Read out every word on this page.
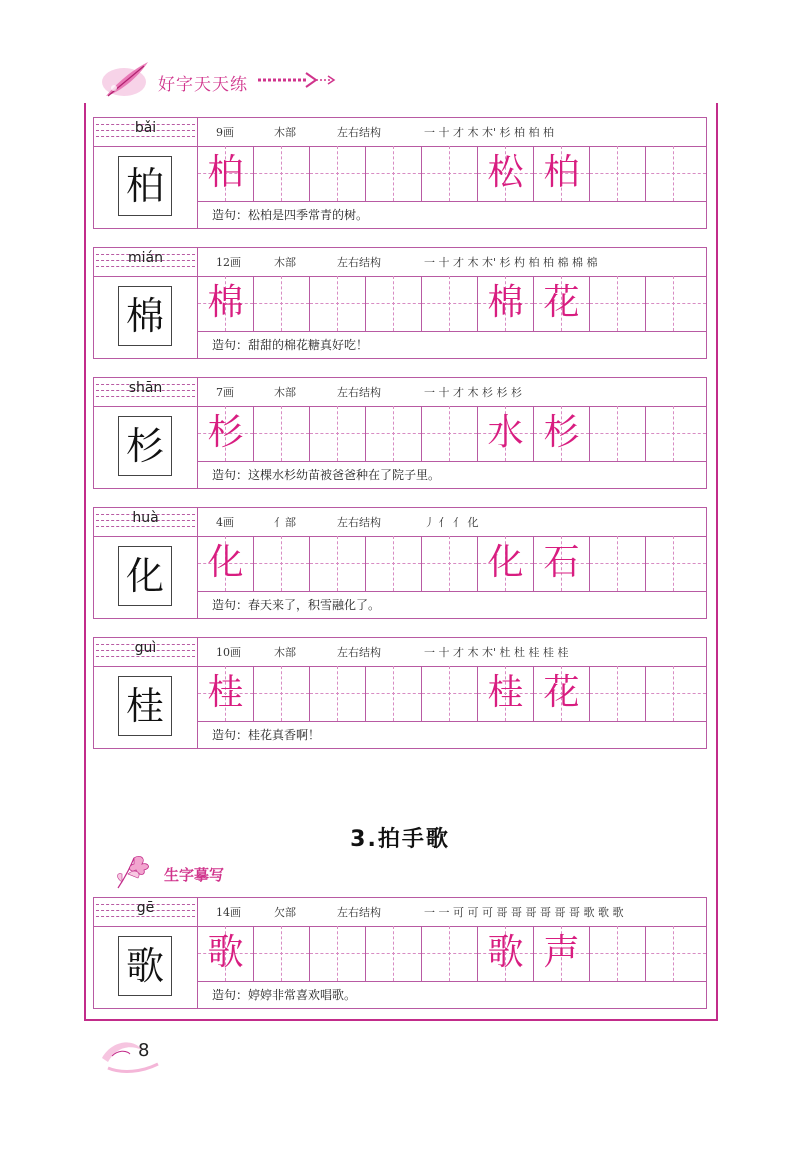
好字天天练
bǎi	9画	木部	左右结构	一 十 才 木 木' 杉 柏 柏 柏
柏 柏	松 柏
造句：松柏是四季常青的树。
mián	12画	木部	左右结构	一 十 才 木 木' 杉 杓 柏 柏 棉 棉 棉
棉 棉	棉 花
造句：甜甜的棉花糖真好吃！
shān	7画	木部	左右结构	一 十 才 木 杉 杉 杉
杉 杉	水 杉
造句：这棵水杉幼苗被爸爸种在了院子里。
huà	4画	亻部	左右结构	丿 亻 亻 化
化 化	化 石
造句：春天来了，积雪融化了。
guì	10画	木部	左右结构	一 十 才 木 木' 杜 杜 桂 桂 桂
桂 桂	桂 花
造句：桂花真香啊！
gē	14画	欠部	左右结构	一 一 可 可 可 哥 哥 哥 哥 哥 哥 歌 歌 歌
歌 歌	歌 声
造句：婷婷非常喜欢唱歌。
3.拍手歌
生字摹写
8
